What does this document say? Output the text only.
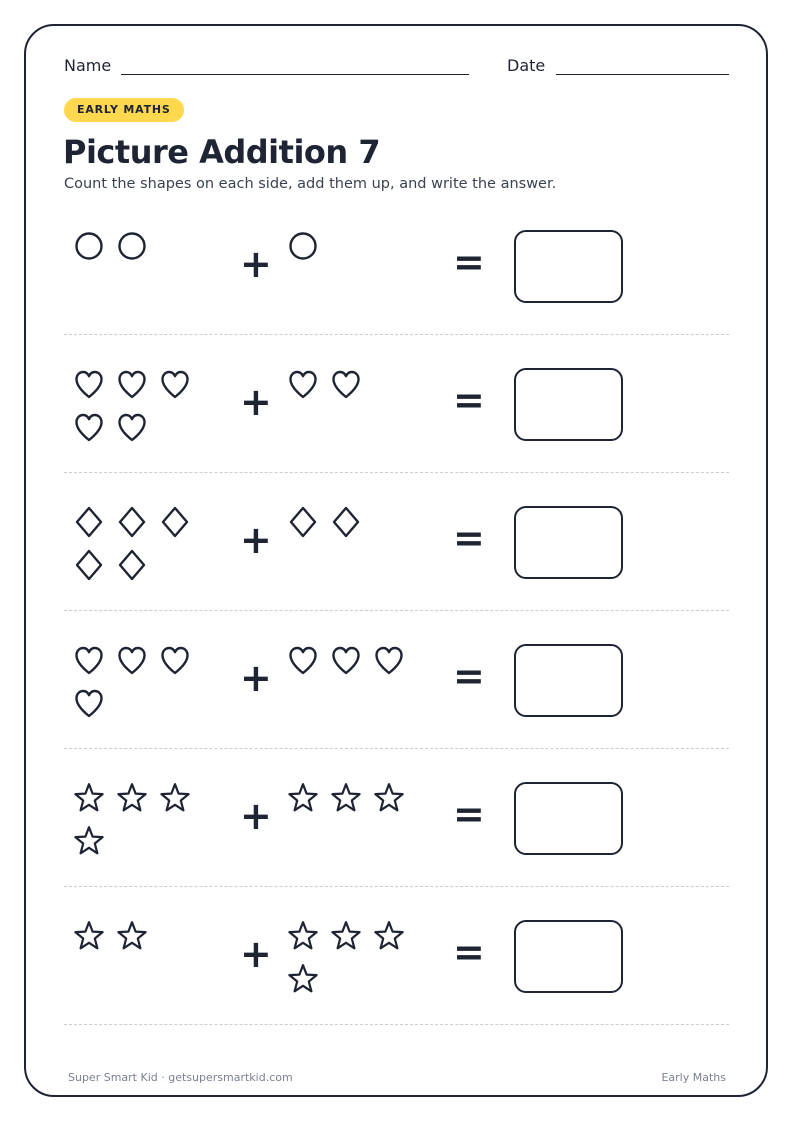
Name	Date
EARLY MATHS
Picture Addition 7
Count the shapes on each side, add them up, and write the answer.
+	=
+	=
+	=
+	=
+	=
+	=
Super Smart Kid · getsupersmartkid.com	Early Maths
